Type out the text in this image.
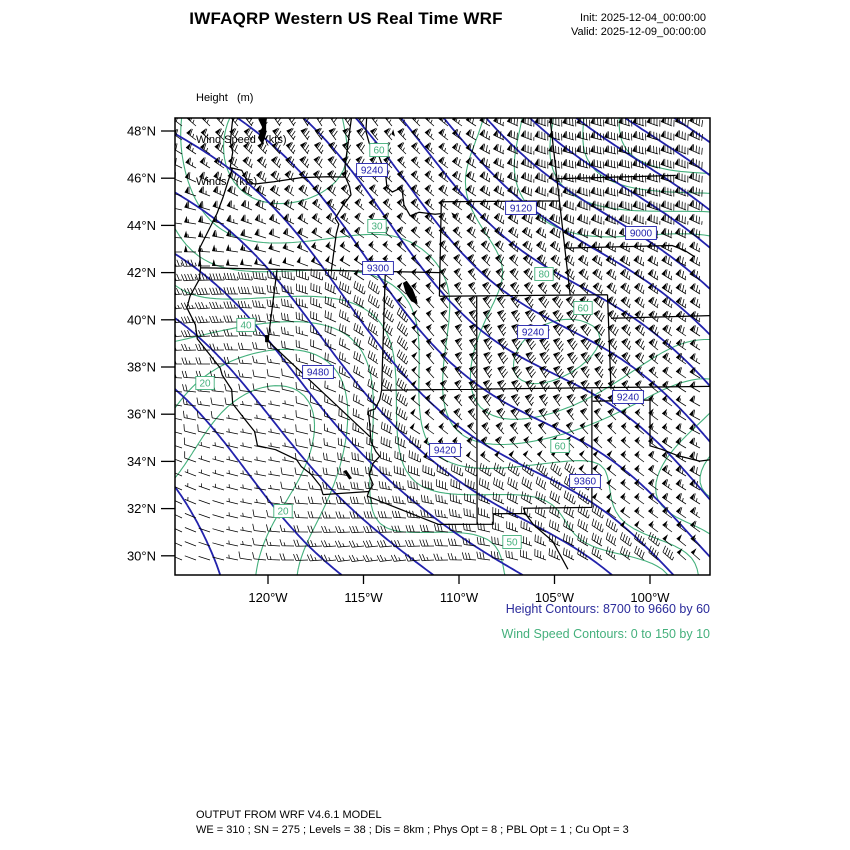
IWFAQRP Western US Real Time WRF	Init: 2025-12-04_00:00:00
Valid: 2025-12-09_00:00:00

Height   (m)

Wind Speed   (kts)

Winds   (kts)

60
30
40
20
80
60
20
60
50
9240
9120
9000
9300
9240
9480
9240
9420
9360
48°N
46°N
44°N
42°N
40°N
38°N
36°N
34°N
32°N
30°N
120°W	115°W	110°W	105°W	100°W
Height Contours: 8700 to 9660 by 60
Wind Speed Contours: 0 to 150 by 10
OUTPUT FROM WRF V4.6.1 MODEL
WE = 310 ; SN = 275 ; Levels = 38 ; Dis = 8km ; Phys Opt = 8 ; PBL Opt = 1 ; Cu Opt = 3
